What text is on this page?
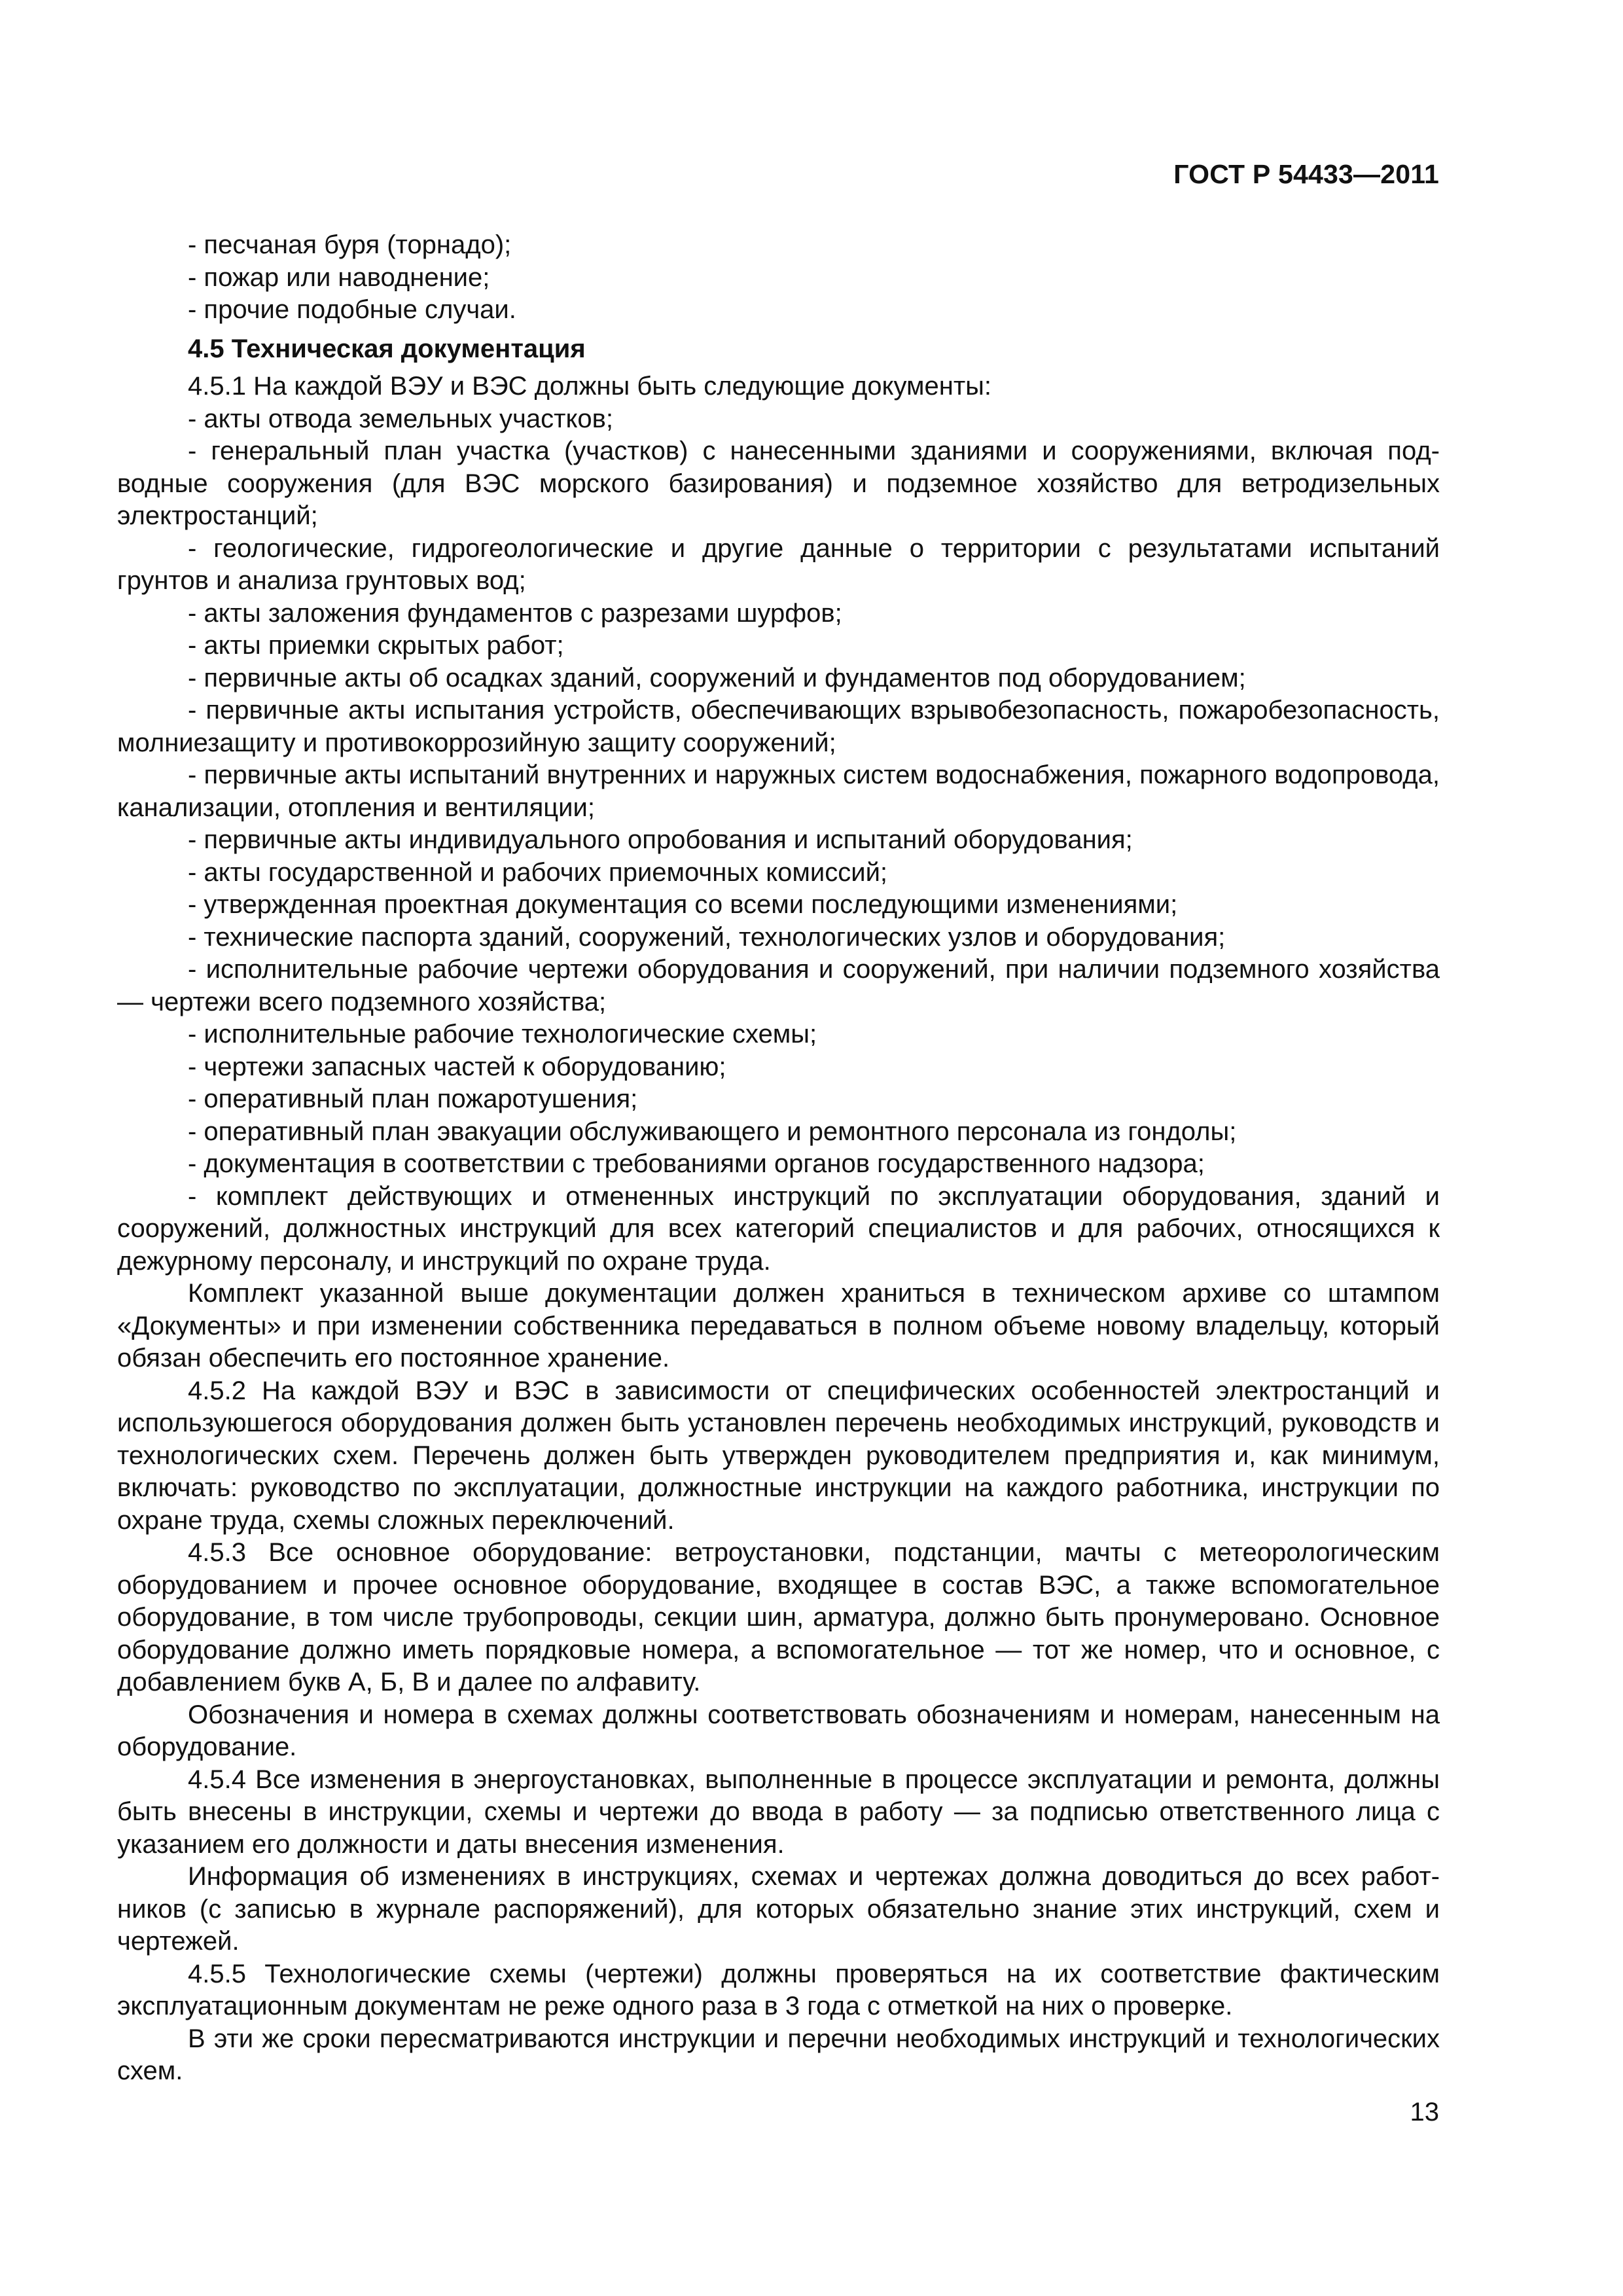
ГОСТ Р 54433—2011

- песчаная буря (торнадо);

- пожар или наводнение;

- прочие подобные случаи.

4.5 Техническая документация

4.5.1 На каждой ВЭУ и ВЭС должны быть следующие документы:

- акты отвода земельных участков;

- генеральный план участка (участков) с нанесенными зданиями и сооружениями, включая подводные сооружения (для ВЭС морского базирования) и подземное хозяйство для ветродизельных электростанций;

- геологические, гидрогеологические и другие данные о территории с результатами испытаний грунтов и анализа грунтовых вод;

- акты заложения фундаментов с разрезами шурфов;

- акты приемки скрытых работ;

- первичные акты об осадках зданий, сооружений и фундаментов под оборудованием;

- первичные акты испытания устройств, обеспечивающих взрывобезопасность, пожаробезопасность, молниезащиту и противокоррозийную защиту сооружений;

- первичные акты испытаний внутренних и наружных систем водоснабжения, пожарного водопровода, канализации, отопления и вентиляции;

- первичные акты индивидуального опробования и испытаний оборудования;

- акты государственной и рабочих приемочных комиссий;

- утвержденная проектная документация со всеми последующими изменениями;

- технические паспорта зданий, сооружений, технологических узлов и оборудования;

- исполнительные рабочие чертежи оборудования и сооружений, при наличии подземного хозяйства — чертежи всего подземного хозяйства;

- исполнительные рабочие технологические схемы;

- чертежи запасных частей к оборудованию;

- оперативный план пожаротушения;

- оперативный план эвакуации обслуживающего и ремонтного персонала из гондолы;

- документация в соответствии с требованиями органов государственного надзора;

- комплект действующих и отмененных инструкций по эксплуатации оборудования, зданий и сооружений, должностных инструкций для всех категорий специалистов и для рабочих, относящихся к дежурному персоналу, и инструкций по охране труда.

Комплект указанной выше документации должен храниться в техническом архиве со штампом «Документы» и при изменении собственника передаваться в полном объеме новому владельцу, который обязан обеспечить его постоянное хранение.

4.5.2 На каждой ВЭУ и ВЭС в зависимости от специфических особенностей электростанций и используюшегося оборудования должен быть установлен перечень необходимых инструкций, руководств и технологических схем. Перечень должен быть утвержден руководителем предприятия и, как минимум, включать: руководство по эксплуатации, должностные инструкции на каждого работника, инструкции по охране труда, схемы сложных переключений.

4.5.3 Все основное оборудование: ветроустановки, подстанции, мачты с метеорологическим оборудованием и прочее основное оборудование, входящее в состав ВЭС, а также вспомогательное оборудование, в том числе трубопроводы, секции шин, арматура, должно быть пронумеровано. Основное оборудование должно иметь порядковые номера, а вспомогательное — тот же номер, что и основное, с добавлением букв А, Б, В и далее по алфавиту.

Обозначения и номера в схемах должны соответствовать обозначениям и номерам, нанесенным на оборудование.

4.5.4 Все изменения в энергоустановках, выполненные в процессе эксплуатации и ремонта, должны быть внесены в инструкции, схемы и чертежи до ввода в работу — за подписью ответственного лица с указанием его должности и даты внесения изменения.

Информация об изменениях в инструкциях, схемах и чертежах должна доводиться до всех работников (с записью в журнале распоряжений), для которых обязательно знание этих инструкций, схем и чертежей.

4.5.5 Технологические схемы (чертежи) должны проверяться на их соответствие фактическим эксплуатационным документам не реже одного раза в 3 года с отметкой на них о проверке.

В эти же сроки пересматриваются инструкции и перечни необходимых инструкций и технологических схем.

13
